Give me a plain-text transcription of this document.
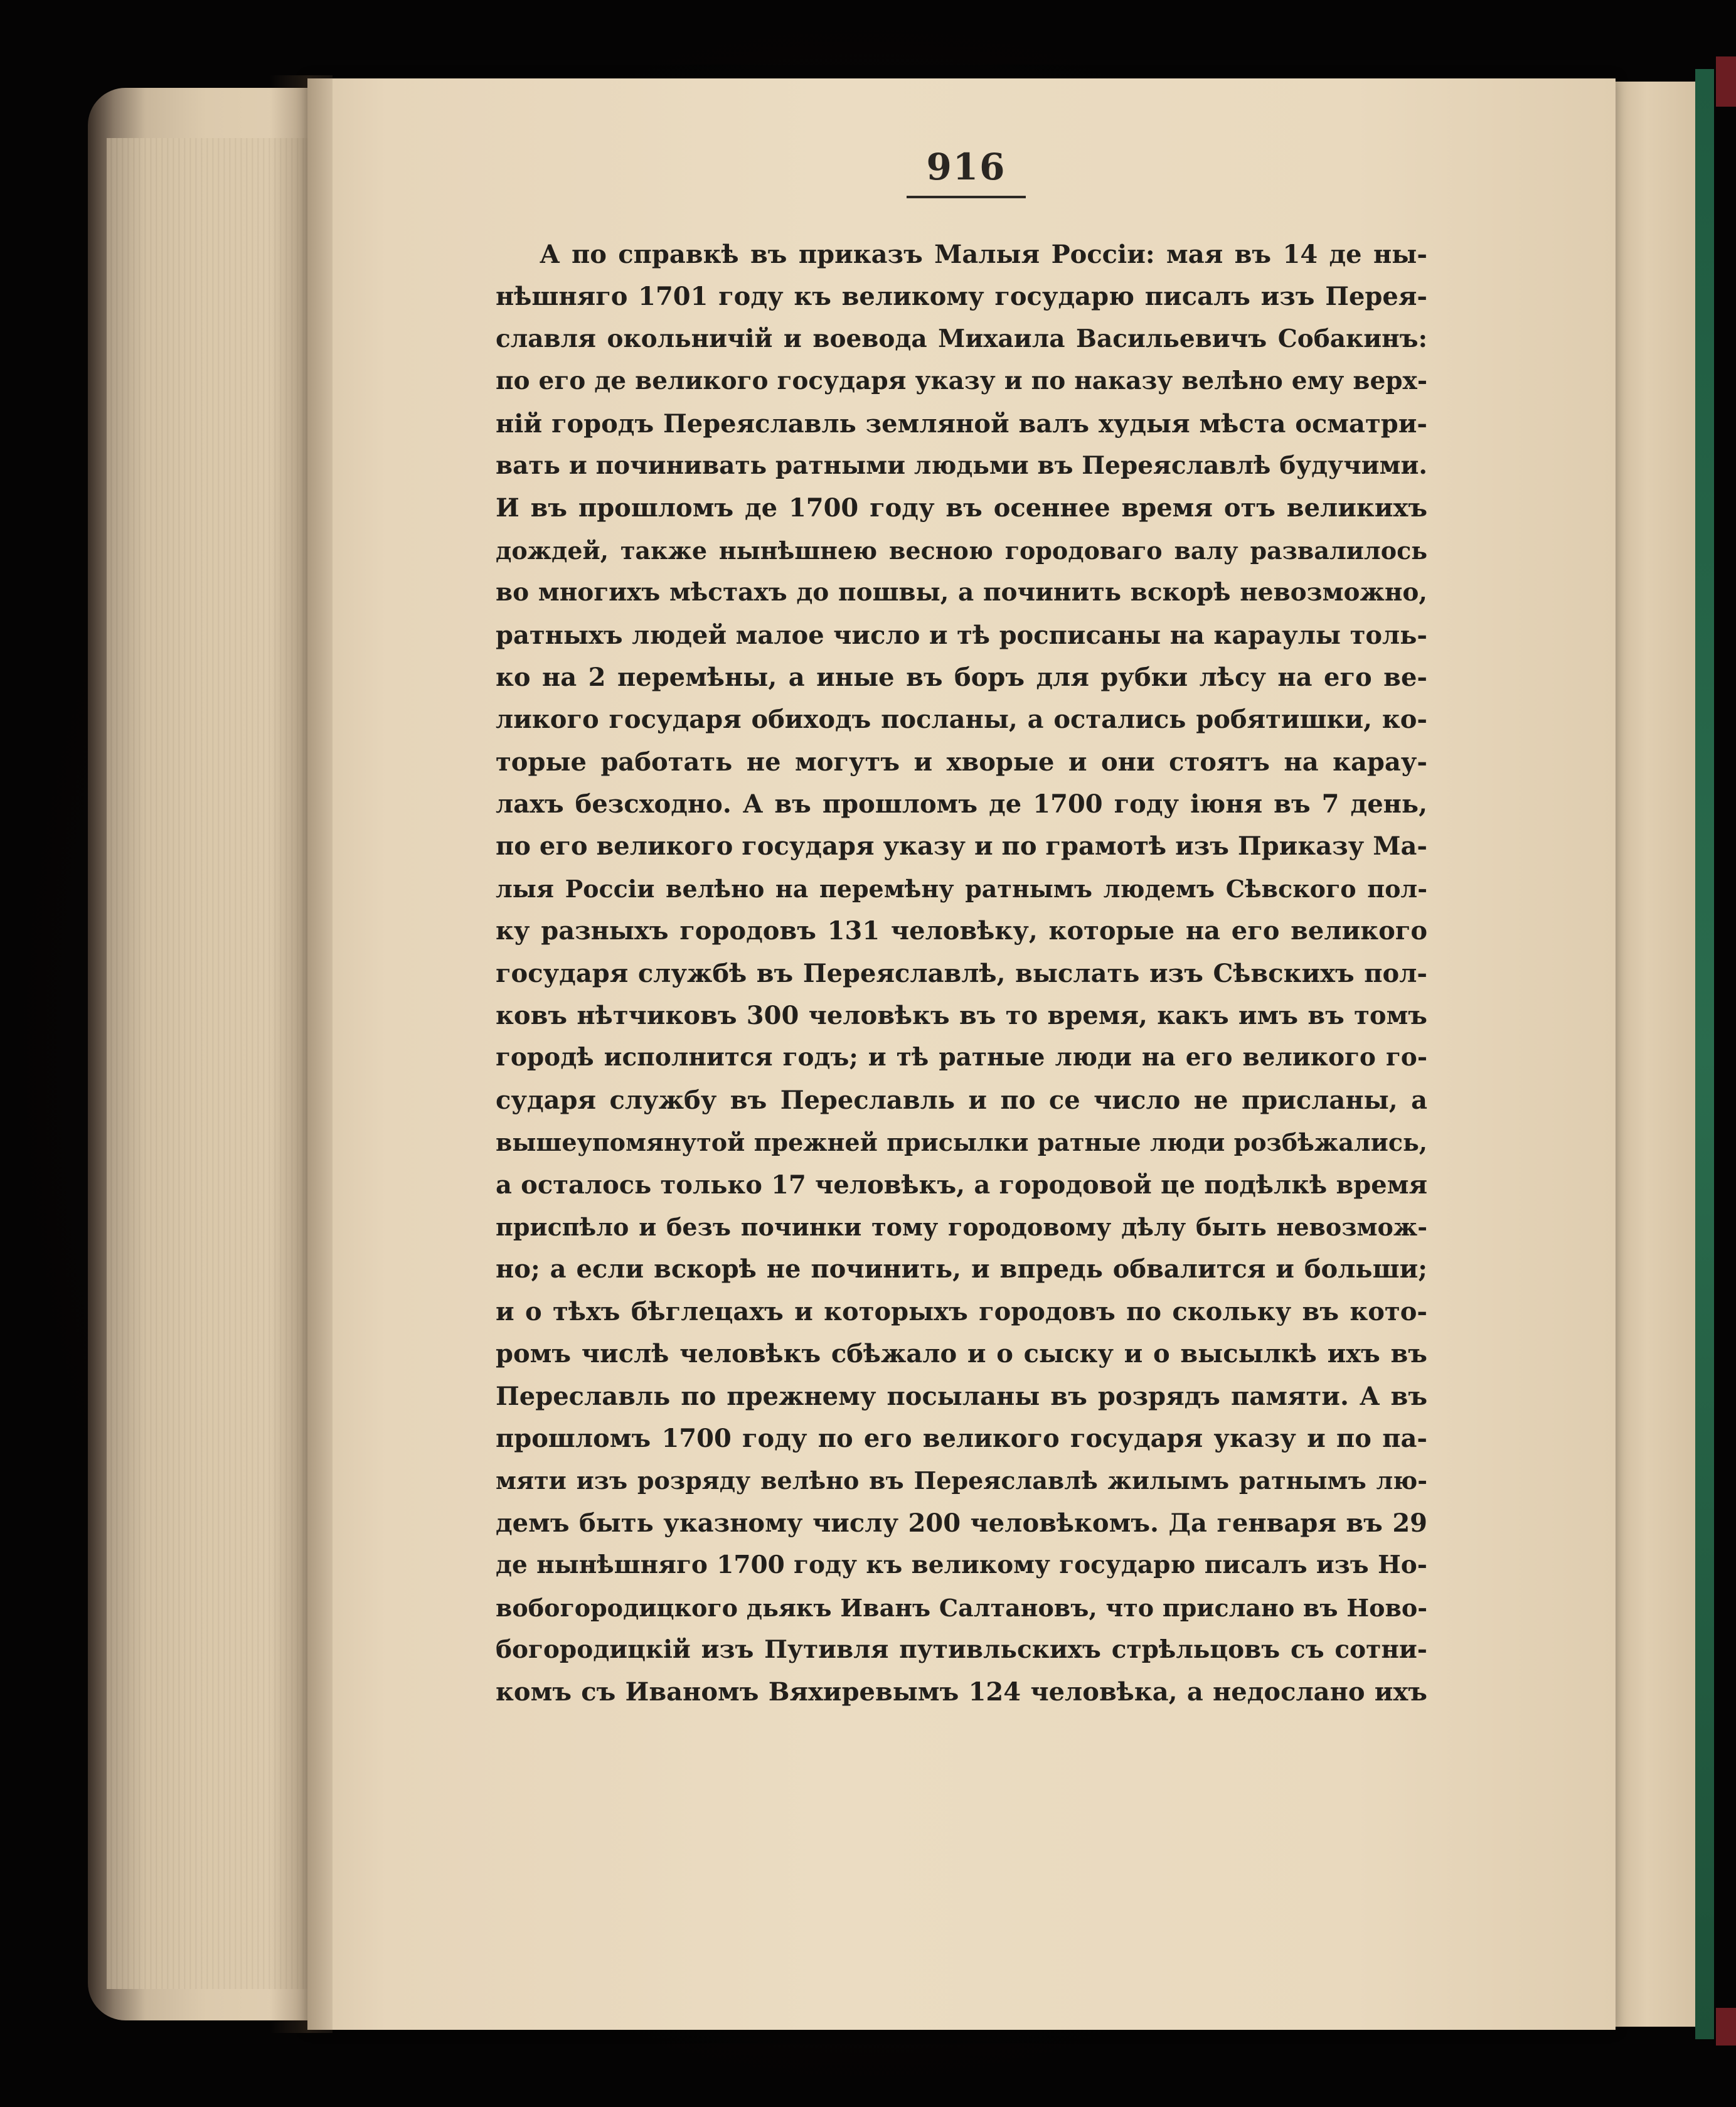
916
А по справкѣ въ приказъ Малыя Россіи: мая въ 14 де ны-
нѣшняго 1701 году къ великому государю писалъ изъ Перея-
славля окольничій и воевода Михаила Васильевичъ Собакинъ:
по его де великого государя указу и по наказу велѣно ему верх-
ній городъ Переяславль земляной валъ худыя мѣста осматри-
вать и починивать ратными людьми въ Переяславлѣ будучими.
И въ прошломъ де 1700 году въ осеннее время отъ великихъ
дождей, также нынѣшнею весною городоваго валу развалилось
во многихъ мѣстахъ до пошвы, а починить вскорѣ невозможно,
ратныхъ людей малое число и тѣ росписаны на караулы толь-
ко на 2 перемѣны, а иные въ боръ для рубки лѣсу на его ве-
ликого государя обиходъ посланы, а остались робятишки, ко-
торые работать не могутъ и хворые и они стоятъ на карау-
лахъ безсходно. А въ прошломъ де 1700 году іюня въ 7 день,
по его великого государя указу и по грамотѣ изъ Приказу Ма-
лыя Россіи велѣно на перемѣну ратнымъ людемъ Сѣвского пол-
ку разныхъ городовъ 131 человѣку, которые на его великого
государя службѣ въ Переяславлѣ, выслать изъ Сѣвскихъ пол-
ковъ нѣтчиковъ 300 человѣкъ въ то время, какъ имъ въ томъ
городѣ исполнится годъ; и тѣ ратные люди на его великого го-
сударя службу въ Переславль и по се число не присланы, а
вышеупомянутой прежней присылки ратные люди розбѣжались,
а осталось только 17 человѣкъ, а городовой це подѣлкѣ время
приспѣло и безъ починки тому городовому дѣлу быть невозмож-
но; а если вскорѣ не починить, и впредь обвалится и больши;
и о тѣхъ бѣглецахъ и которыхъ городовъ по скольку въ кото-
ромъ числѣ человѣкъ сбѣжало и о сыску и о высылкѣ ихъ въ
Переславль по прежнему посыланы въ розрядъ памяти. А въ
прошломъ 1700 году по его великого государя указу и по па-
мяти изъ розряду велѣно въ Переяславлѣ жилымъ ратнымъ лю-
демъ быть указному числу 200 человѣкомъ. Да генваря въ 29
де нынѣшняго 1700 году къ великому государю писалъ изъ Но-
вобогородицкого дьякъ Иванъ Салтановъ, что прислано въ Ново-
богородицкій изъ Путивля путивльскихъ стрѣльцовъ съ сотни-
комъ съ Иваномъ Вяхиревымъ 124 человѣка, а недослано ихъ
